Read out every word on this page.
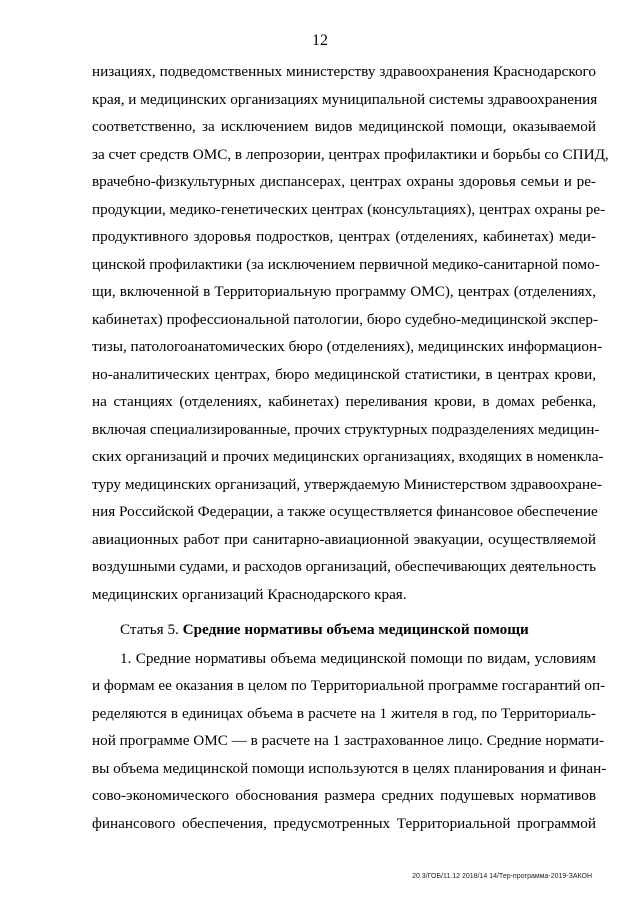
12
низациях, подведомственных министерству здравоохранения Краснодарского
края, и медицинских организациях муниципальной системы здравоохранения
соответственно, за исключением видов медицинской помощи, оказываемой
за счет средств ОМС, в лепрозории, центрах профилактики и борьбы со СПИД,
врачебно-физкультурных диспансерах, центрах охраны здоровья семьи и ре-
продукции, медико-генетических центрах (консультациях), центрах охраны ре-
продуктивного здоровья подростков, центрах (отделениях, кабинетах) меди-
цинской профилактики (за исключением первичной медико-санитарной помо-
щи, включенной в Территориальную программу ОМС), центрах (отделениях,
кабинетах) профессиональной патологии, бюро судебно-медицинской экспер-
тизы, патологоанатомических бюро (отделениях), медицинских информацион-
но-аналитических центрах, бюро медицинской статистики, в центрах крови,
на станциях (отделениях, кабинетах) переливания крови, в домах ребенка,
включая специализированные, прочих структурных подразделениях медицин-
ских организаций и прочих медицинских организациях, входящих в номенкла-
туру медицинских организаций, утверждаемую Министерством здравоохране-
ния Российской Федерации, а также осуществляется финансовое обеспечение
авиационных работ при санитарно-авиационной эвакуации, осуществляемой
воздушными судами, и расходов организаций, обеспечивающих деятельность
медицинских организаций Краснодарского края.
Статья 5. Средние нормативы объема медицинской помощи
1. Средние нормативы объема медицинской помощи по видам, условиям
и формам ее оказания в целом по Территориальной программе госгарантий оп-
ределяются в единицах объема в расчете на 1 жителя в год, по Территориаль-
ной программе ОМС — в расчете на 1 застрахованное лицо. Средние нормати-
вы объема медицинской помощи используются в целях планирования и финан-
сово-экономического обоснования размера средних подушевых нормативов
финансового обеспечения, предусмотренных Территориальной программой
20.3/ГОБ/11.12 2018/14 14/Тер-программа-2019-ЗАКОН
